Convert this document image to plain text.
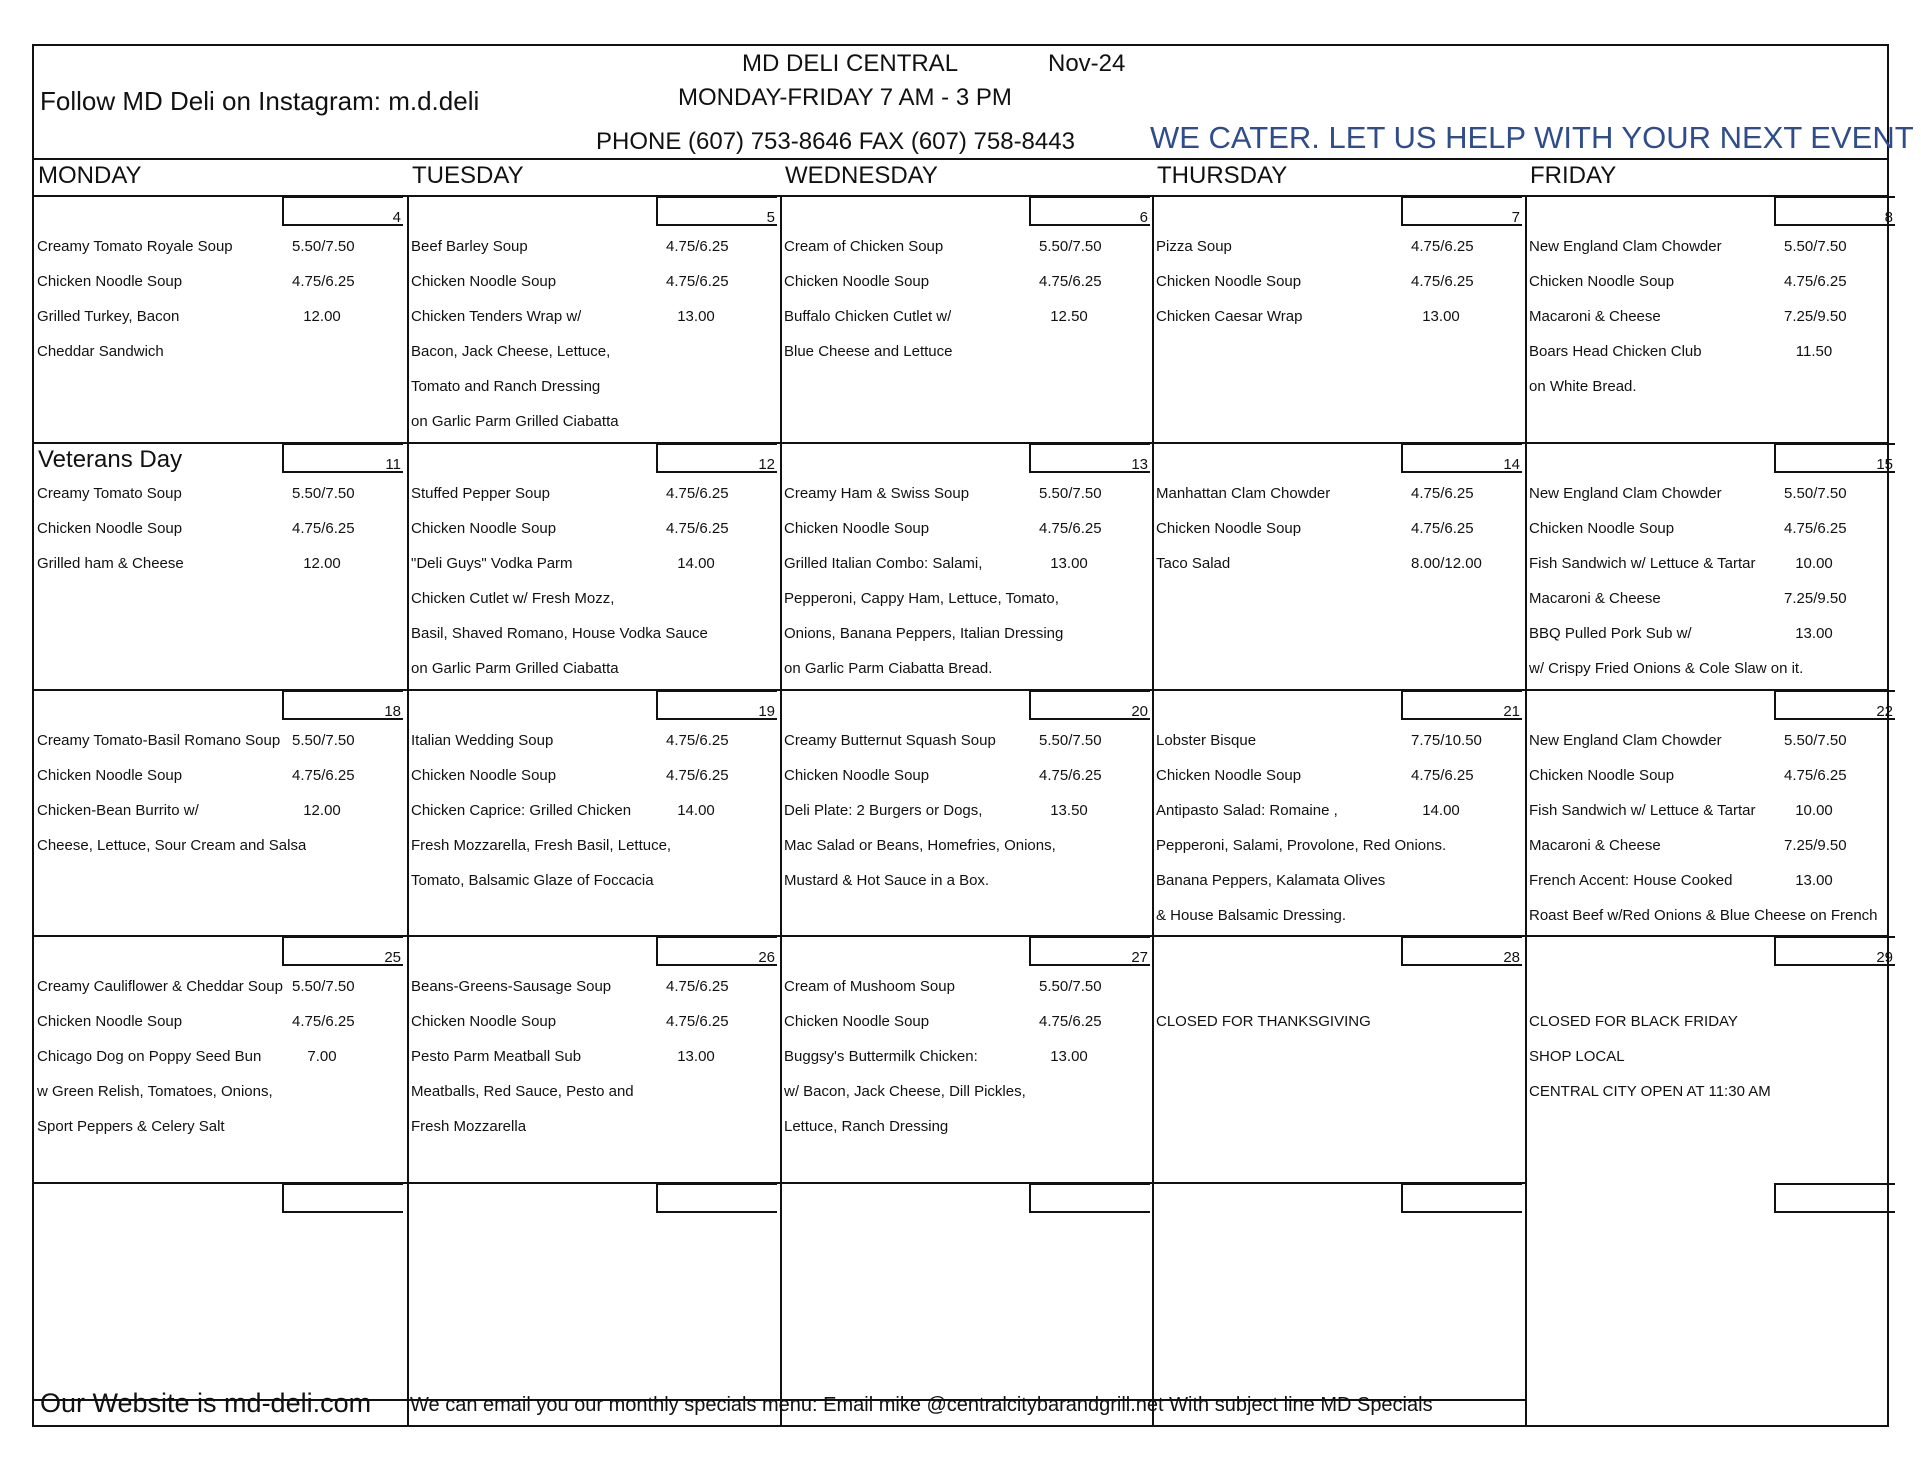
Follow MD Deli on Instagram: m.d.deli
MD DELI CENTRAL	Nov-24
MONDAY-FRIDAY 7 AM - 3 PM
PHONE (607) 753-8646 FAX (607) 758-8443 WE CATER. LET US HELP WITH YOUR NEXT EVENT
4
Creamy Tomato Royale Soup	5.50/7.50
Chicken Noodle Soup	4.75/6.25
Grilled Turkey, Bacon	12.00
Cheddar Sandwich
5
Beef Barley Soup	4.75/6.25
Chicken Noodle Soup	4.75/6.25
Chicken Tenders Wrap w/	13.00
Bacon, Jack Cheese, Lettuce,
Tomato and Ranch Dressing
on Garlic Parm Grilled Ciabatta
6
Cream of Chicken Soup	5.50/7.50
Chicken Noodle Soup	4.75/6.25
Buffalo Chicken Cutlet w/	12.50
Blue Cheese and Lettuce
7
Pizza Soup	4.75/6.25
Chicken Noodle Soup	4.75/6.25
Chicken Caesar Wrap	13.00
8
New England Clam Chowder	5.50/7.50
Chicken Noodle Soup	4.75/6.25
Macaroni & Cheese	7.25/9.50
Boars Head Chicken Club	11.50
on White Bread.
11
Veterans Day
Creamy Tomato Soup	5.50/7.50
Chicken Noodle Soup	4.75/6.25
Grilled ham & Cheese	12.00
12
Stuffed Pepper Soup	4.75/6.25
Chicken Noodle Soup	4.75/6.25
"Deli Guys" Vodka Parm	14.00
Chicken Cutlet w/ Fresh Mozz,
Basil, Shaved Romano, House Vodka Sauce
on Garlic Parm Grilled Ciabatta
13
Creamy Ham & Swiss Soup	5.50/7.50
Chicken Noodle Soup	4.75/6.25
Grilled Italian Combo: Salami,	13.00
Pepperoni, Cappy Ham, Lettuce, Tomato,
Onions, Banana Peppers, Italian Dressing
on Garlic Parm Ciabatta Bread.
14
Manhattan Clam Chowder	4.75/6.25
Chicken Noodle Soup	4.75/6.25
Taco Salad	8.00/12.00
15
New England Clam Chowder	5.50/7.50
Chicken Noodle Soup	4.75/6.25
Fish Sandwich w/ Lettuce & Tartar	10.00
Macaroni & Cheese	7.25/9.50
BBQ Pulled Pork Sub w/	13.00
w/ Crispy Fried Onions & Cole Slaw on it.
18
Creamy Tomato-Basil Romano Soup 5.50/7.50
Chicken Noodle Soup	4.75/6.25
Chicken-Bean Burrito w/	12.00
Cheese, Lettuce, Sour Cream and Salsa
19
Italian Wedding Soup	4.75/6.25
Chicken Noodle Soup	4.75/6.25
Chicken Caprice: Grilled Chicken	14.00
Fresh Mozzarella, Fresh Basil, Lettuce,
Tomato, Balsamic Glaze of Foccacia
20
Creamy Butternut Squash Soup	5.50/7.50
Chicken Noodle Soup	4.75/6.25
Deli Plate: 2 Burgers or Dogs,	13.50
Mac Salad or Beans, Homefries, Onions,
Mustard & Hot Sauce in a Box.
21
Lobster Bisque	7.75/10.50
Chicken Noodle Soup	4.75/6.25
Antipasto Salad: Romaine ,	14.00
Pepperoni, Salami, Provolone, Red Onions.
Banana Peppers, Kalamata Olives
& House Balsamic Dressing.
22
New England Clam Chowder	5.50/7.50
Chicken Noodle Soup	4.75/6.25
Fish Sandwich w/ Lettuce & Tartar	10.00
Macaroni & Cheese	7.25/9.50
French Accent: House Cooked	13.00
Roast Beef w/Red Onions & Blue Cheese on French
25
Creamy Cauliflower & Cheddar Soup 5.50/7.50
Chicken Noodle Soup	4.75/6.25
Chicago Dog on Poppy Seed Bun	7.00
w Green Relish, Tomatoes, Onions,
Sport Peppers & Celery Salt
26
Beans-Greens-Sausage Soup	4.75/6.25
Chicken Noodle Soup	4.75/6.25
Pesto Parm Meatball Sub	13.00
Meatballs, Red Sauce, Pesto and
Fresh Mozzarella
27
Cream of Mushoom Soup	5.50/7.50
Chicken Noodle Soup	4.75/6.25
Buggsy's Buttermilk Chicken:	13.00
w/ Bacon, Jack Cheese, Dill Pickles,
Lettuce, Ranch Dressing
28
CLOSED FOR THANKSGIVING
29
CLOSED FOR BLACK FRIDAY
SHOP LOCAL
CENTRAL CITY OPEN AT 11:30 AM
Our Website is md-deli.com We can email you our monthly specials menu: Email mike @centralcitybarandgrill.net With subject line MD Specials
MONDAY	TUESDAY	WEDNESDAY	THURSDAY	FRIDAY
